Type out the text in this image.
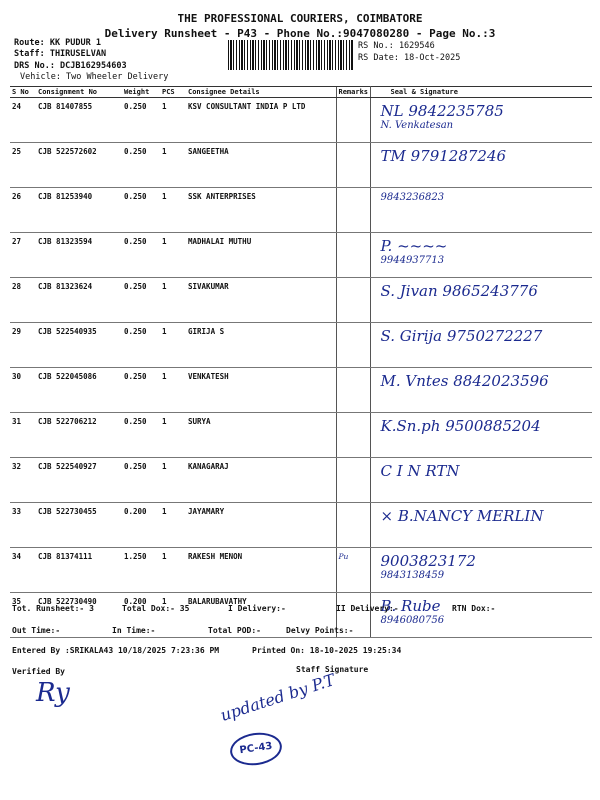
THE PROFESSIONAL COURIERS, COIMBATORE
Delivery Runsheet - P43 - Phone No.:9047080280 - Page No.:3
Route: KK PUDUR 1
Staff: THIRUSELVAN
DRS No.: DCJB162954603
Vehicle: Two Wheeler Delivery
RS No.: 1629546
RS Date: 18-Oct-2025
S No	Consignment No	Weight	PCS	Consignee Details	Remarks	Seal & Signature
24	CJB 81407855	0.250	1	KSV CONSULTANT INDIA P LTD		NL 9842235785
N. Venkatesan

25	CJB 522572602	0.250	1	SANGEETHA		TM 9791287246

26	CJB 81253940	0.250	1	SSK ANTERPRISES		9843236823

27	CJB 81323594	0.250	1	MADHALAI MUTHU		P. ~~~~
9944937713

28	CJB 81323624	0.250	1	SIVAKUMAR		S. Jivan 9865243776

29	CJB 522540935	0.250	1	GIRIJA S		S. Girija 9750272227

30	CJB 522045086	0.250	1	VENKATESH		M. Vntes 8842023596

31	CJB 522706212	0.250	1	SURYA		K.Sn.ph 9500885204

32	CJB 522540927	0.250	1	KANAGARAJ		C I N RTN

33	CJB 522730455	0.200	1	JAYAMARY		× B.NANCY MERLIN

34	CJB 81374111	1.250	1	RAKESH MENON	Pu	9003823172
9843138459

35	CJB 522730490	0.200	1	BALARUBAVATHY		B. Rube
8946080756
Tot. Runsheet:- 3	Total Dox:- 35	I Delivery:-	II Delivery:-	RTN Dox:-
Out Time:-	In Time:-	Total POD:-	Delvy Points:-
Entered By :SRIKALA43 10/18/2025 7:23:36 PM	Printed On: 18-10-2025 19:25:34
Verified By	Staff Signature
Ry	updated by P.T
PC-43
